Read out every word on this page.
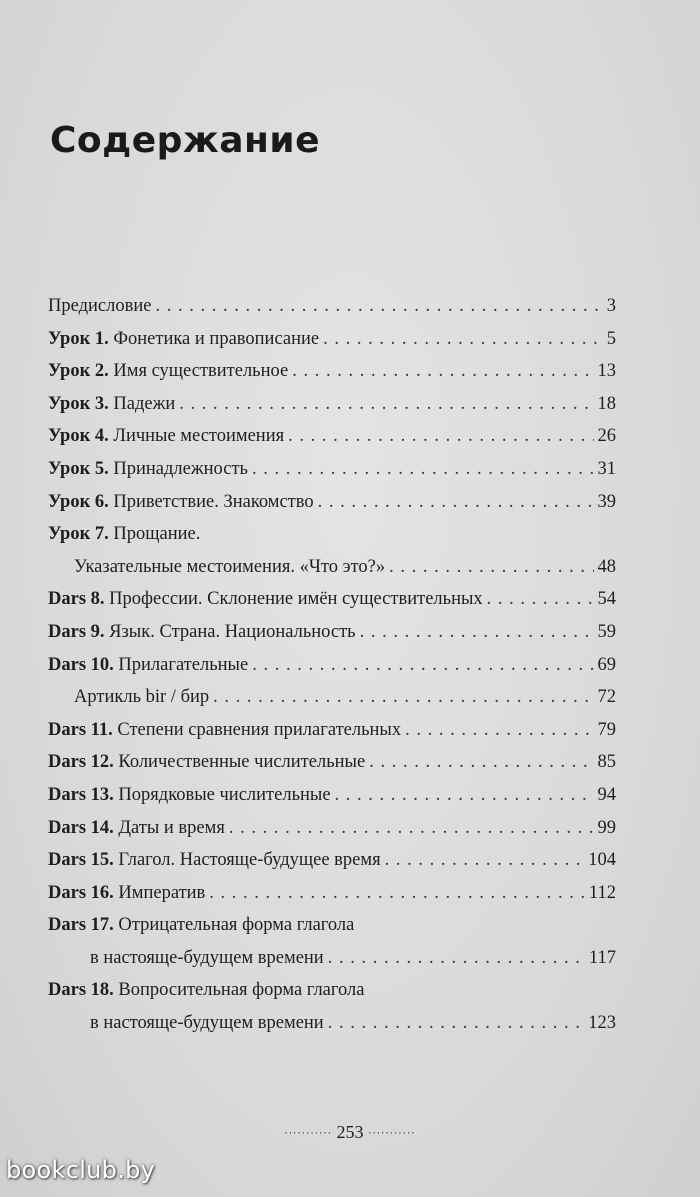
Содержание
Предисловие . . .	3
Урок 1. Фонетика и правописание . . .	5
Урок 2. Имя существительное . . .	13
Урок 3. Падежи . . .	18
Урок 4. Личные местоимения . . .	26
Урок 5. Принадлежность . . .	31
Урок 6. Приветствие. Знакомство . . .	39
Урок 7. Прощание.
Указательные местоимения. «Что это?» . . .	48
Dars 8. Профессии. Склонение имён существительных . . .	54
Dars 9. Язык. Страна. Национальность . . .	59
Dars 10. Прилагательные . . .	69
Артикль bir / бир . . .	72
Dars 11. Степени сравнения прилагательных . . .	79
Dars 12. Количественные числительные . . .	85
Dars 13. Порядковые числительные . . .	94
Dars 14. Даты и время . . .	99
Dars 15. Глагол. Настояще-будущее время . . .	104
Dars 16. Императив . . .	112
Dars 17. Отрицательная форма глагола
в настояще-будущем времени . . .	117
Dars 18. Вопросительная форма глагола
в настояще-будущем времени . . .	123
··········· 253 ···········
bookclub.by
